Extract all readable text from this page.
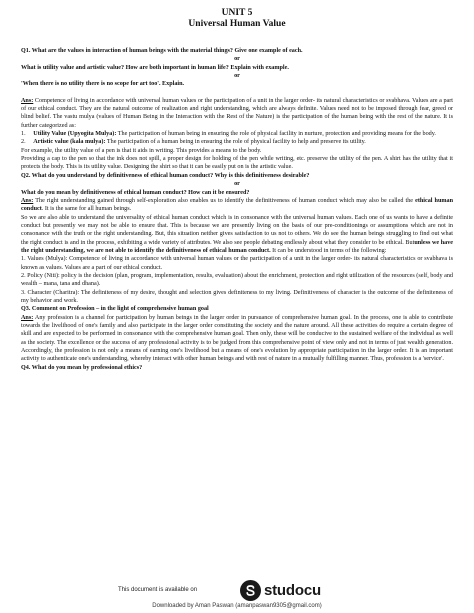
UNIT 5
Universal Human Value

Q1. What are the values in interaction of human beings with the material things? Give one example of each.

or

What is utility value and artistic value? How are both important in human life? Explain with example.

or

'When there is no utility there is no scope for art too'. Explain.

Ans: Competence of living in accordance with universal human values or the participation of a unit in the larger order- its natural characteristics or svabhava. Values are a part of our ethical conduct. They are the natural outcome of realization and right understanding, which are always definite. Values need not to be imposed through fear, greed or blind belief. The vastu mulya (values of Human Being in the Interaction with the Rest of the Nature) is the participation of the human being with the rest of the nature. It is further categorized as:

1. Utility Value (Upyogita Mulya): The participation of human being in ensuring the role of physical facility in nurture, protection and providing means for the body.

2. Artistic value (kala mulya): The participation of a human being in ensuring the role of physical facility to help and preserve its utility.

For example, the utility value of a pen is that it aids in writing. This provides a means to the body.

Providing a cap to the pen so that the ink does not spill, a proper design for holding of the pen while writing, etc. preserve the utility of the pen. A shirt has the utility that it protects the body. This is its utility value. Designing the shirt so that it can be easily put on is the artistic value.

Q2. What do you understand by definitiveness of ethical human conduct? Why is this definitiveness desirable?

or

What do you mean by definitiveness of ethical human conduct? How can it be ensured?

Ans: The right understanding gained through self-exploration also enables us to identify the definitiveness of human conduct which may also be called the ethical human conduct. It is the same for all human beings.

So we are also able to understand the universality of ethical human conduct which is in consonance with the universal human values. Each one of us wants to have a definite conduct but presently we may not be able to ensure that. This is because we are presently living on the basis of our pre-conditionings or assumptions which are not in consonance with the truth or the right understanding. But, this situation neither gives satisfaction to us not to others. We do see the human beings struggling to find out what the right conduct is and in the process, exhibiting a wide variety of attributes. We also see people debating endlessly about what they consider to be ethical. Butunless we have the right understanding, we are not able to identify the definitiveness of ethical human conduct. It can be understood in terms of the following:

1. Values (Mulya): Competence of living in accordance with universal human values or the participation of a unit in the larger order- its natural characteristics or svabhava is known as values. Values are a part of our ethical conduct.

2. Policy (Niti): policy is the decision (plan, program, implementation, results, evaluation) about the enrichment, protection and right utilization of the resources (self, body and wealth – mana, tana and dhana).

3. Character (Charitra): The definiteness of my desire, thought and selection gives definiteness to my living. Definitiveness of character is the outcome of the definiteness of my behavior and work.

Q3. Comment on Profession – in the light of comprehensive human goal

Ans: Any profession is a channel for participation by human beings in the larger order in pursuance of comprehensive human goal. In the process, one is able to contribute towards the livelihood of one's family and also participate in the larger order constituting the society and the nature around. All these activities do require a certain degree of skill and are expected to be performed in consonance with the comprehensive human goal. Then only, these will be conducive to the sustained welfare of the individual as well as the society. The excellence or the success of any professional activity is to be judged from this comprehensive point of view only and not in terms of just wealth generation. Accordingly, the profession is not only a means of earning one's livelihood but a means of one's evolution by appropriate participation in the larger order. It is an important activity to authenticate one's understanding, whereby interact with other human beings and with rest of nature in a mutually fulfilling manner. Thus, profession is a 'service'.

Q4. What do you mean by professional ethics?

This document is available on	studocu
Downloaded by Aman Paswan (amanpaswan9305@gmail.com)
